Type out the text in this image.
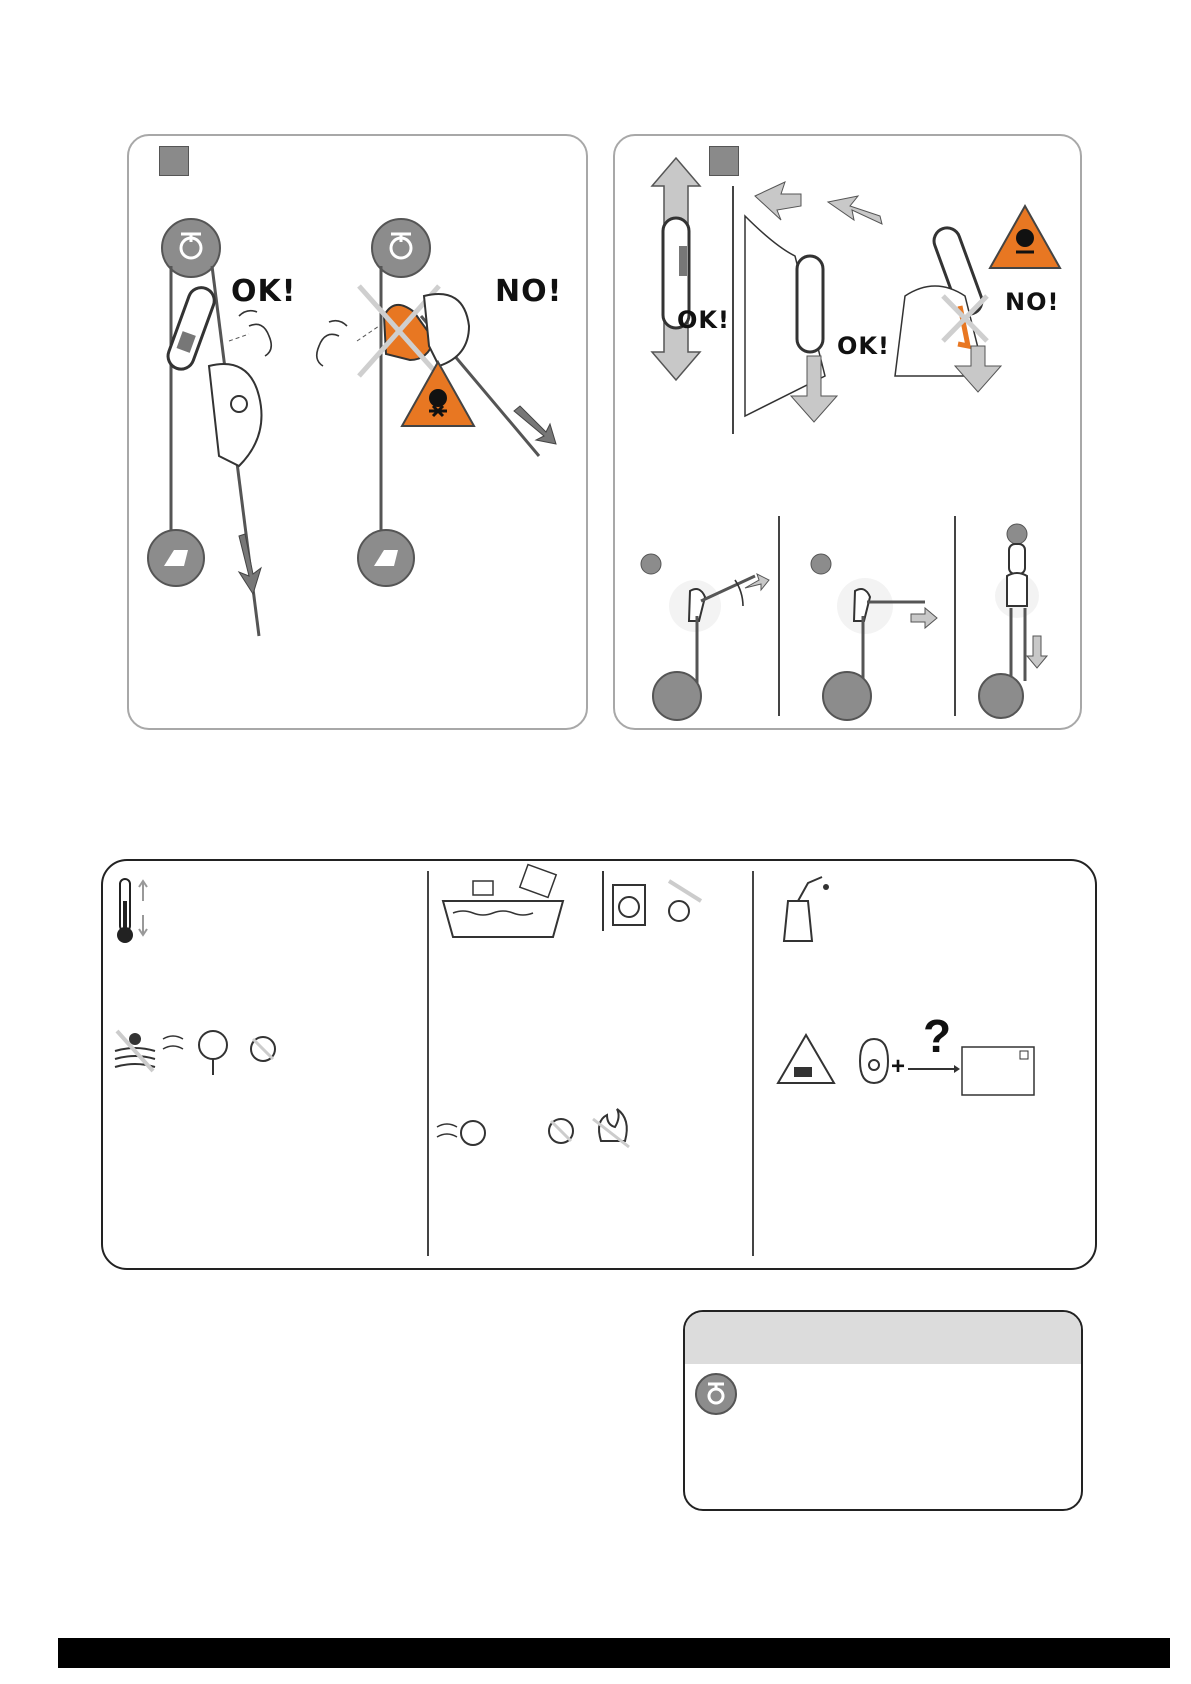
OK!	NO!
OK!
OK!
NO!
+
?
